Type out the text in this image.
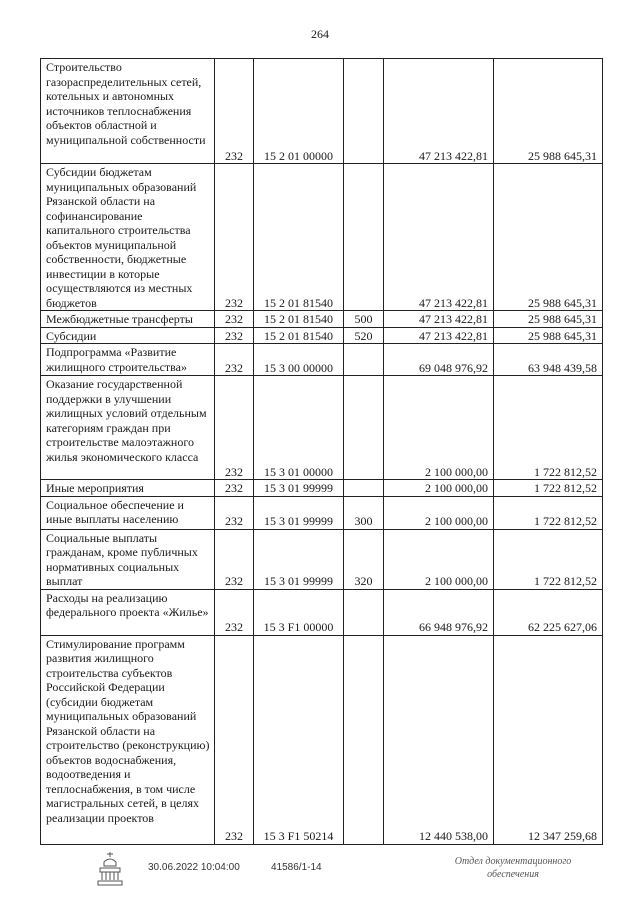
264
Строительство газораспределительных сетей, котельных и автономных источников теплоснабжения объектов областной и муниципальной собственности	232	15 2 01 00000		47 213 422,81	25 988 645,31
Субсидии бюджетам муниципальных образований Рязанской области на софинансирование капитального строительства объектов муниципальной собственности, бюджетные инвестиции в которые осуществляются из местных бюджетов	232	15 2 01 81540		47 213 422,81	25 988 645,31
Межбюджетные трансферты	232	15 2 01 81540	500	47 213 422,81	25 988 645,31
Субсидии	232	15 2 01 81540	520	47 213 422,81	25 988 645,31
Подпрограмма «Развитие жилищного строительства»	232	15 3 00 00000		69 048 976,92	63 948 439,58
Оказание государственной поддержки в улучшении жилищных условий отдельным категориям граждан при строительстве малоэтажного жилья экономического класса	232	15 3 01 00000		2 100 000,00	1 722 812,52
Иные мероприятия	232	15 3 01 99999		2 100 000,00	1 722 812,52
Социальное обеспечение и иные выплаты населению	232	15 3 01 99999	300	2 100 000,00	1 722 812,52
Социальные выплаты гражданам, кроме публичных нормативных социальных выплат	232	15 3 01 99999	320	2 100 000,00	1 722 812,52
Расходы на реализацию федерального проекта «Жилье»	232	15 3 F1 00000		66 948 976,92	62 225 627,06
Стимулирование программ развития жилищного строительства субъектов Российской Федерации (субсидии бюджетам муниципальных образований Рязанской области на строительство (реконструкцию) объектов водоснабжения, водоотведения и теплоснабжения, в том числе магистральных сетей, в целях реализации проектов	232	15 3 F1 50214		12 440 538,00	12 347 259,68
30.06.2022 10:04:00	41586/1-14
Отдел документационного
обеспечения
